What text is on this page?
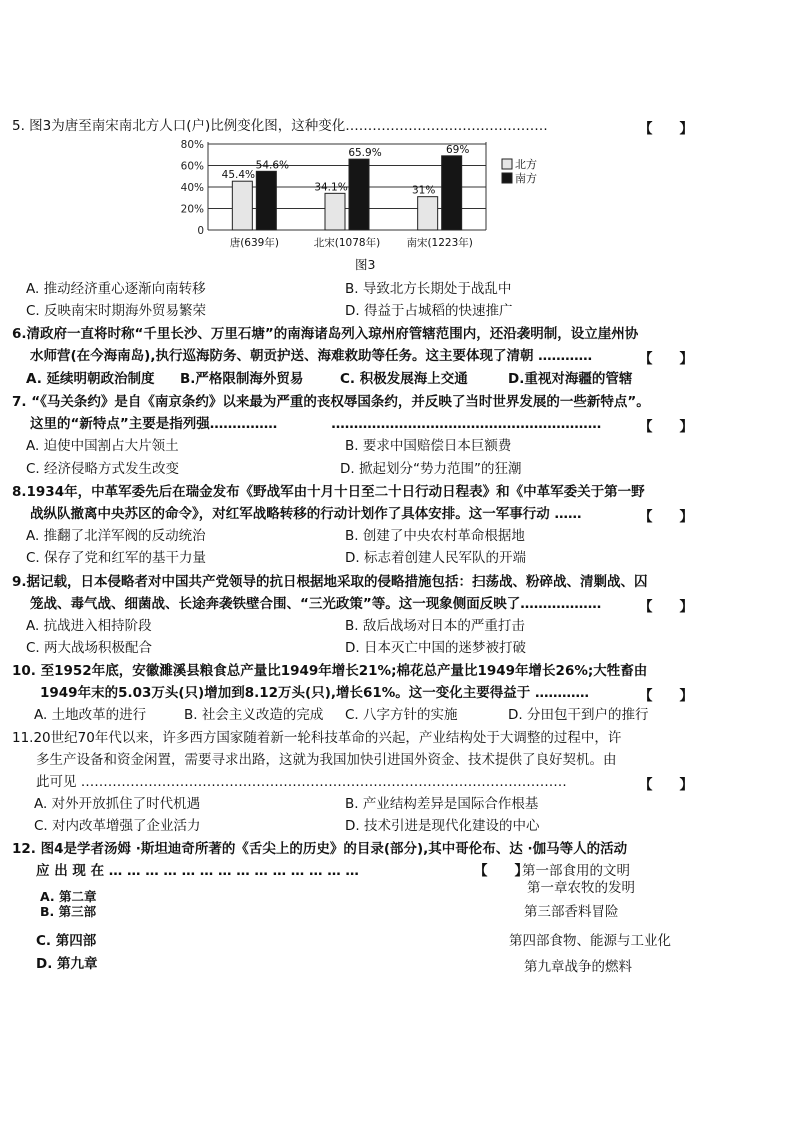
5. 图3为唐至南宋南北方人口(户)比例变化图，这种变化………………………………………	【　　】
0
20%
40%
60%
80%
45.4%
54.6%
唐(639年)
34.1%
65.9%
北宋(1078年)
31%
69%
南宋(1223年)
北方
南方
图3
A. 推动经济重心逐渐向南转移	B. 导致北方长期处于战乱中
C. 反映南宋时期海外贸易繁荣	D. 得益于占城稻的快速推广
6.清政府一直将时称“千里长沙、万里石塘”的南海诸岛列入琼州府管辖范围内，还沿袭明制，设立崖州协
水师营(在今海南岛),执行巡海防务、朝贡护送、海难救助等任务。这主要体现了清朝 …………	【　　】
A. 延续明朝政治制度 B.严格限制海外贸易	C. 积极发展海上交通	D.重视对海疆的管辖
7. “《马关条约》是自《南京条约》以来最为严重的丧权辱国条约，并反映了当时世界发展的一些新特点”。
这里的“新特点”主要是指列强……………　　　　……………………………………………………	【　　】
A. 迫使中国割占大片领土	B. 要求中国赔偿日本巨额费
C. 经济侵略方式发生改变	D. 掀起划分“势力范围”的狂潮
8.1934年，中革军委先后在瑞金发布《野战军由十月十日至二十日行动日程表》和《中革军委关于第一野
战纵队撤离中央苏区的命令》，对红军战略转移的行动计划作了具体安排。这一军事行动 ……	【　　】
A. 推翻了北洋军阀的反动统治	B. 创建了中央农村革命根据地
C. 保存了党和红军的基干力量	D. 标志着创建人民军队的开端
9.据记载，日本侵略者对中国共产党领导的抗日根据地采取的侵略措施包括：扫荡战、粉碎战、清剿战、囚
笼战、毒气战、细菌战、长途奔袭铁壁合围、“三光政策”等。这一现象侧面反映了………………	【　　】
A. 抗战进入相持阶段	B. 敌后战场对日本的严重打击
C. 两大战场积极配合	D. 日本灭亡中国的迷梦被打破
10. 至1952年底，安徽濉溪县粮食总产量比1949年增长21%;棉花总产量比1949年增长26%;大牲畜由
1949年末的5.03万头(只)增加到8.12万头(只),增长61%。这一变化主要得益于 …………	【　　】
A. 土地改革的进行	B. 社会主义改造的完成 C. 八字方针的实施	D. 分田包干到户的推行
11.20世纪70年代以来，许多西方国家随着新一轮科技革命的兴起，产业结构处于大调整的过程中，许
多生产设备和资金闲置，需要寻求出路，这就为我国加快引进国外资金、技术提供了良好契机。由
此可见 ………………………………………………………………………………………………	【　　】
A. 对外开放抓住了时代机遇	B. 产业结构差异是国际合作根基
C. 对内改革增强了企业活力	D. 技术引进是现代化建设的中心
12. 图4是学者汤姆 ·斯坦迪奇所著的《舌尖上的历史》的目录(部分),其中哥伦布、达 ·伽马等人的活动
应 出 现 在 … … … … … … … … … … … … … …	【　　】
A. 第二章
B. 第三部
C. 第四部
D. 第九章
第一部食用的文明
第一章农牧的发明
第三部香料冒险
第四部食物、能源与工业化
第九章战争的燃料
